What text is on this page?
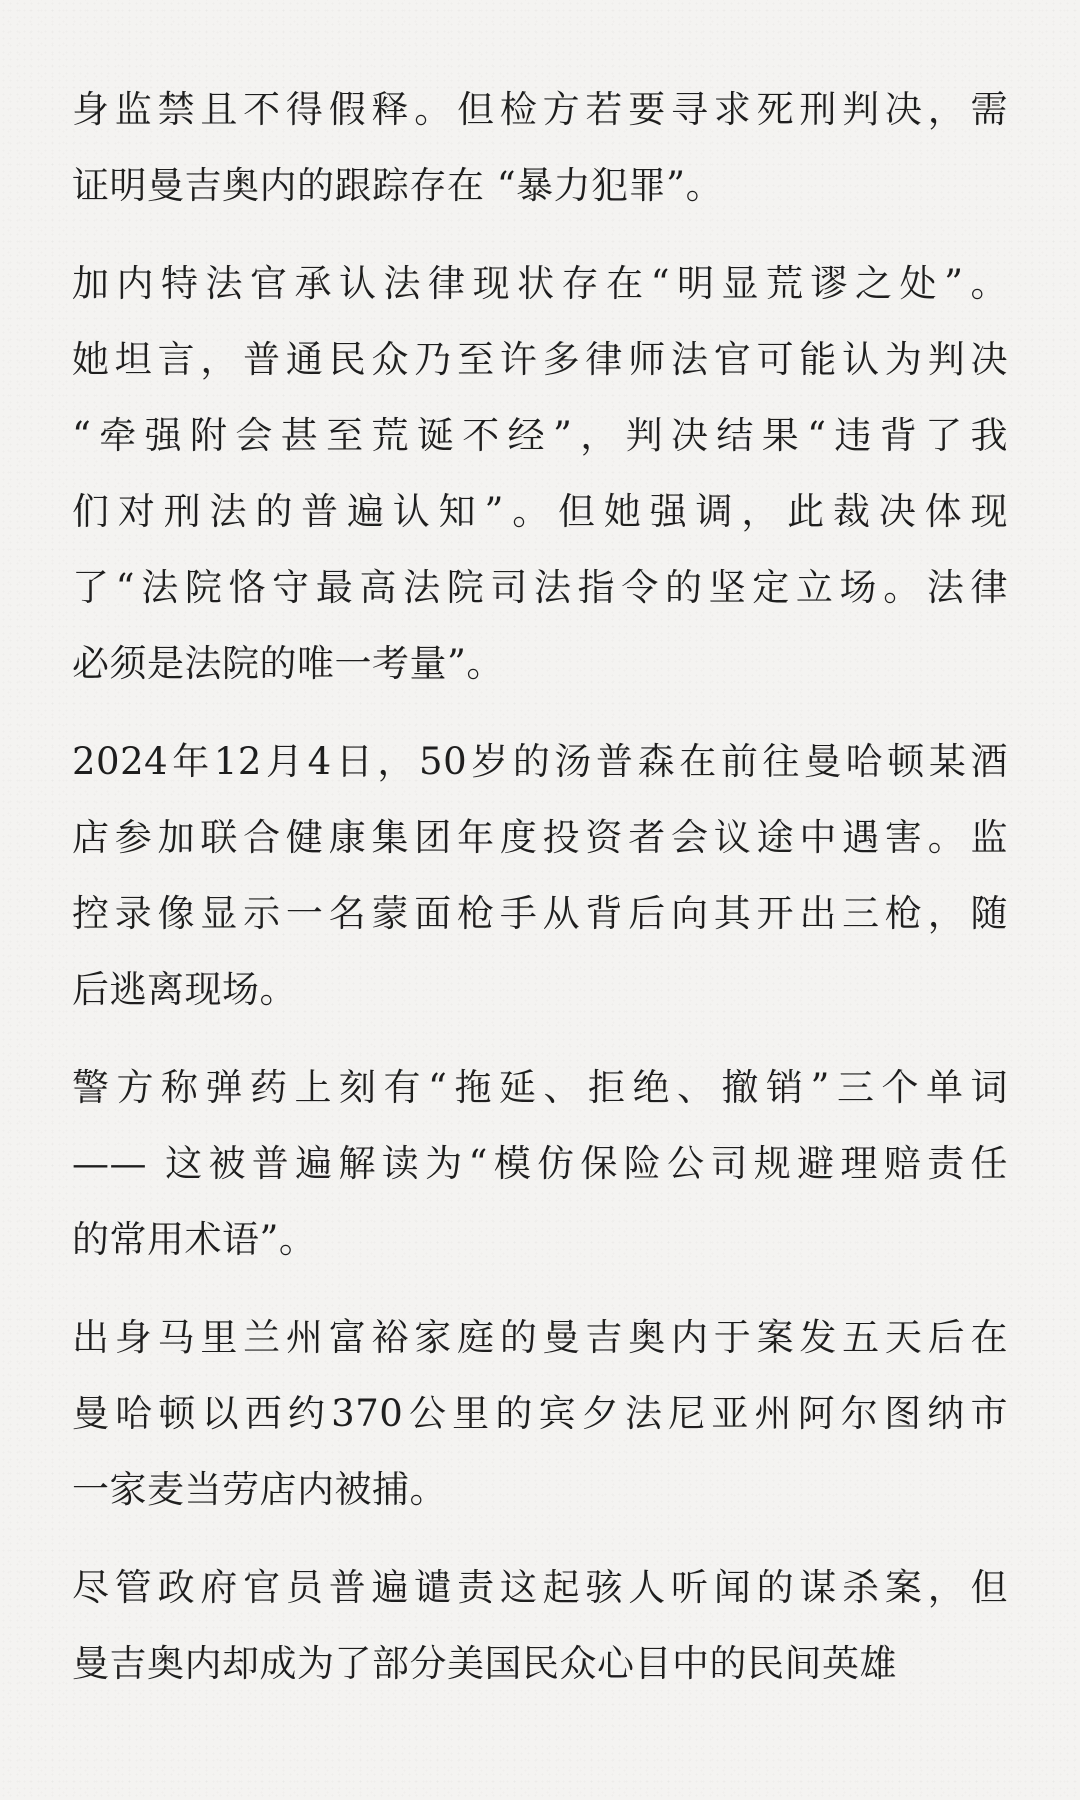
身监禁且不得假释。但检方若要寻求死刑判决，需
证明曼吉奥内的跟踪存在 “暴力犯罪”。

加内特法官承认法律现状存在“明显荒谬之处”。
她坦言，普通民众乃至许多律师法官可能认为判决
“牵强附会甚至荒诞不经”，判决结果“违背了我
们对刑法的普遍认知”。但她强调，此裁决体现
了“法院恪守最高法院司法指令的坚定立场。法律
必须是法院的唯一考量”。

2024年12月4日，50岁的汤普森在前往曼哈顿某酒
店参加联合健康集团年度投资者会议途中遇害。监
控录像显示一名蒙面枪手从背后向其开出三枪，随
后逃离现场。

警方称弹药上刻有“拖延、拒绝、撤销”三个单词
—— 这被普遍解读为“模仿保险公司规避理赔责任
的常用术语”。

出身马里兰州富裕家庭的曼吉奥内于案发五天后在
曼哈顿以西约370公里的宾夕法尼亚州阿尔图纳市
一家麦当劳店内被捕。

尽管政府官员普遍谴责这起骇人听闻的谋杀案，但
曼吉奥内却成为了部分美国民众心目中的民间英雄
